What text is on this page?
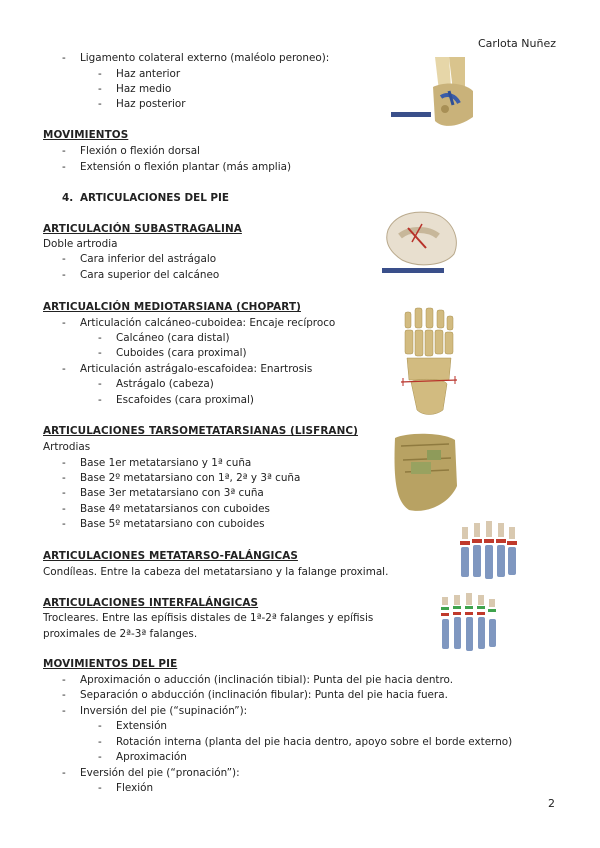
Carlota Nuñez
2
- Ligamento colateral externo (maléolo peroneo):
- Haz anterior
- Haz medio
- Haz posterior
MOVIMIENTOS
- Flexión o flexión dorsal
- Extensión o flexión plantar (más amplia)
4. ARTICULACIONES DEL PIE
ARTICULACIÓN SUBASTRAGALINA
Doble artrodia
- Cara inferior del astrágalo
- Cara superior del calcáneo
ARTICUALCIÓN MEDIOTARSIANA (CHOPART)
- Articulación calcáneo-cuboidea: Encaje recíproco
- Calcáneo (cara distal)
- Cuboides (cara proximal)
- Articulación astrágalo-escafoidea: Enartrosis
- Astrágalo (cabeza)
- Escafoides (cara proximal)
ARTICULACIONES TARSOMETATARSIANAS (LISFRANC)
Artrodias
- Base 1er metatarsiano y 1ª cuña
- Base 2º metatarsiano con 1ª, 2ª y 3ª cuña
- Base 3er metatarsiano con 3ª cuña
- Base 4º metatarsianos con cuboides
- Base 5º metatarsiano con cuboides
ARTICULACIONES METATARSO-FALÁNGICAS
Condíleas. Entre la cabeza del metatarsiano y la falange proximal.
ARTICULACIONES INTERFALÁNGICAS
Trocleares. Entre las epífisis distales de 1ª-2ª falanges y epífisis
proximales de 2ª-3ª falanges.
MOVIMIENTOS DEL PIE
- Aproximación o aducción (inclinación tibial): Punta del pie hacia dentro.
- Separación o abducción (inclinación fibular): Punta del pie hacia fuera.
- Inversión del pie (“supinación”):
- Extensión
- Rotación interna (planta del pie hacia dentro, apoyo sobre el borde externo)
- Aproximación
- Eversión del pie (“pronación”):
- Flexión
